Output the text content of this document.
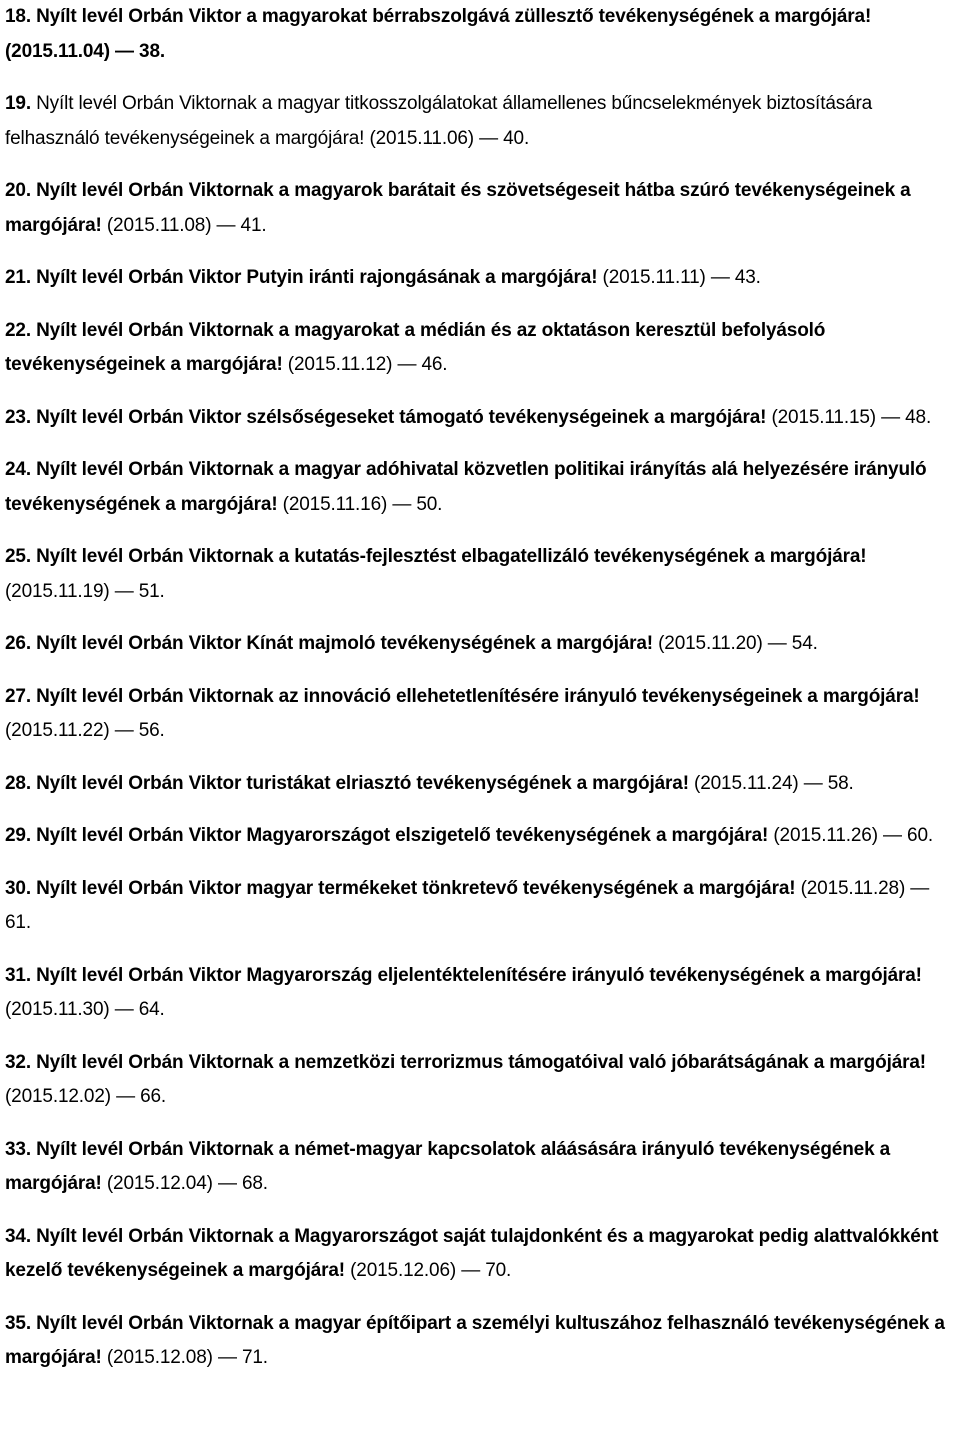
18. Nyílt levél Orbán Viktor a magyarokat bérrabszolgává züllesztő tevékenységének a margójára! (2015.11.04) — 38.
19. Nyílt levél Orbán Viktornak a magyar titkosszolgálatokat államellenes bűncselekmények biztosítására felhasználó tevékenységeinek a margójára! (2015.11.06) — 40.
20. Nyílt levél Orbán Viktornak a magyarok barátait és szövetségeseit hátba szúró tevékenységeinek a margójára! (2015.11.08) — 41.
21. Nyílt levél Orbán Viktor Putyin iránti rajongásának a margójára! (2015.11.11) — 43.
22. Nyílt levél Orbán Viktornak a magyarokat a médián és az oktatáson keresztül befolyásoló tevékenységeinek a margójára! (2015.11.12) — 46.
23. Nyílt levél Orbán Viktor szélsőségeseket támogató tevékenységeinek a margójára! (2015.11.15) — 48.
24. Nyílt levél Orbán Viktornak a magyar adóhivatal közvetlen politikai irányítás alá helyezésére irányuló tevékenységének a margójára! (2015.11.16) — 50.
25. Nyílt levél Orbán Viktornak a kutatás-fejlesztést elbagatellizáló tevékenységének a margójára! (2015.11.19) — 51.
26. Nyílt levél Orbán Viktor Kínát majmoló tevékenységének a margójára! (2015.11.20) — 54.
27. Nyílt levél Orbán Viktornak az innováció ellehetetlenítésére irányuló tevékenységeinek a margójára! (2015.11.22) — 56.
28. Nyílt levél Orbán Viktor turistákat elriasztó tevékenységének a margójára! (2015.11.24) — 58.
29. Nyílt levél Orbán Viktor Magyarországot elszigetelő tevékenységének a margójára! (2015.11.26) — 60.
30. Nyílt levél Orbán Viktor magyar termékeket tönkretevő tevékenységének a margójára! (2015.11.28) — 61.
31. Nyílt levél Orbán Viktor Magyarország eljelentéktelenítésére irányuló tevékenységének a margójára! (2015.11.30) — 64.
32. Nyílt levél Orbán Viktornak a nemzetközi terrorizmus támogatóival való jóbarátságának a margójára! (2015.12.02) — 66.
33. Nyílt levél Orbán Viktornak a német-magyar kapcsolatok aláásására irányuló tevékenységének a margójára! (2015.12.04) — 68.
34. Nyílt levél Orbán Viktornak a Magyarországot saját tulajdonként és a magyarokat pedig alattvalókként kezelő tevékenységeinek a margójára! (2015.12.06) — 70.
35. Nyílt levél Orbán Viktornak a magyar építőipart a személyi kultuszához felhasználó tevékenységének a margójára! (2015.12.08) — 71.
